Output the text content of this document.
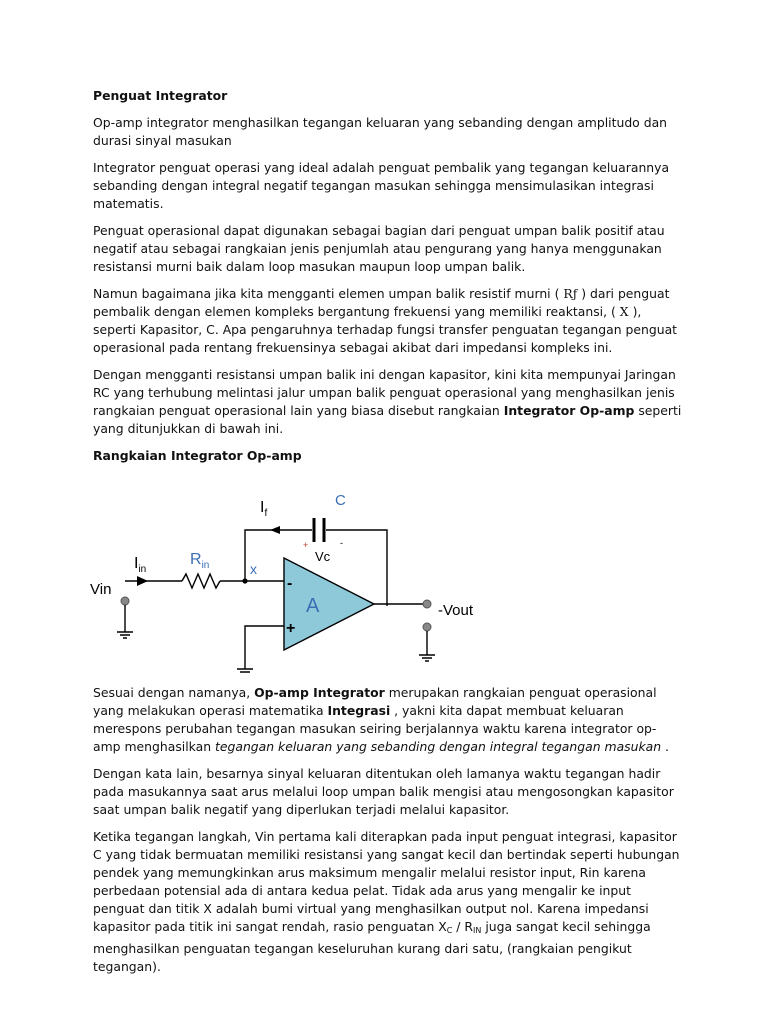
Penguat Integrator

Op-amp integrator menghasilkan tegangan keluaran yang sebanding dengan amplitudo dan durasi sinyal masukan

Integrator penguat operasi yang ideal adalah penguat pembalik yang tegangan keluarannya sebanding dengan integral negatif tegangan masukan sehingga mensimulasikan integrasi matematis.

Penguat operasional dapat digunakan sebagai bagian dari penguat umpan balik positif atau negatif atau sebagai rangkaian jenis penjumlah atau pengurang yang hanya menggunakan resistansi murni baik dalam loop masukan maupun loop umpan balik.

Namun bagaimana jika kita mengganti elemen umpan balik resistif murni ( Rƒ ) dari penguat pembalik dengan elemen kompleks bergantung frekuensi yang memiliki reaktansi, ( X ), seperti Kapasitor, C. Apa pengaruhnya terhadap fungsi transfer penguatan tegangan penguat operasional pada rentang frekuensinya sebagai akibat dari impedansi kompleks ini.

Dengan mengganti resistansi umpan balik ini dengan kapasitor, kini kita mempunyai Jaringan RC yang terhubung melintasi jalur umpan balik penguat operasional yang menghasilkan jenis rangkaian penguat operasional lain yang biasa disebut rangkaian Integrator Op-amp seperti yang ditunjukkan di bawah ini.

Rangkaian Integrator Op-amp
$I_f$
C
+	-
Vc
$I_{in}$
$R_{in}$	x
Vin
A
-
+
-Vout

Sesuai dengan namanya, Op-amp Integrator merupakan rangkaian penguat operasional yang melakukan operasi matematika Integrasi , yakni kita dapat membuat keluaran merespons perubahan tegangan masukan seiring berjalannya waktu karena integrator op-amp menghasilkan tegangan keluaran yang sebanding dengan integral tegangan masukan .

Dengan kata lain, besarnya sinyal keluaran ditentukan oleh lamanya waktu tegangan hadir pada masukannya saat arus melalui loop umpan balik mengisi atau mengosongkan kapasitor saat umpan balik negatif yang diperlukan terjadi melalui kapasitor.

Ketika tegangan langkah, Vin pertama kali diterapkan pada input penguat integrasi, kapasitor C yang tidak bermuatan memiliki resistansi yang sangat kecil dan bertindak seperti hubungan pendek yang memungkinkan arus maksimum mengalir melalui resistor input, Rin karena perbedaan potensial ada di antara kedua pelat. Tidak ada arus yang mengalir ke input penguat dan titik X adalah bumi virtual yang menghasilkan output nol. Karena impedansi kapasitor pada titik ini sangat rendah, rasio penguatan $X_C / R_{IN}$ juga sangat kecil sehingga menghasilkan penguatan tegangan keseluruhan kurang dari satu, (rangkaian pengikut tegangan).
